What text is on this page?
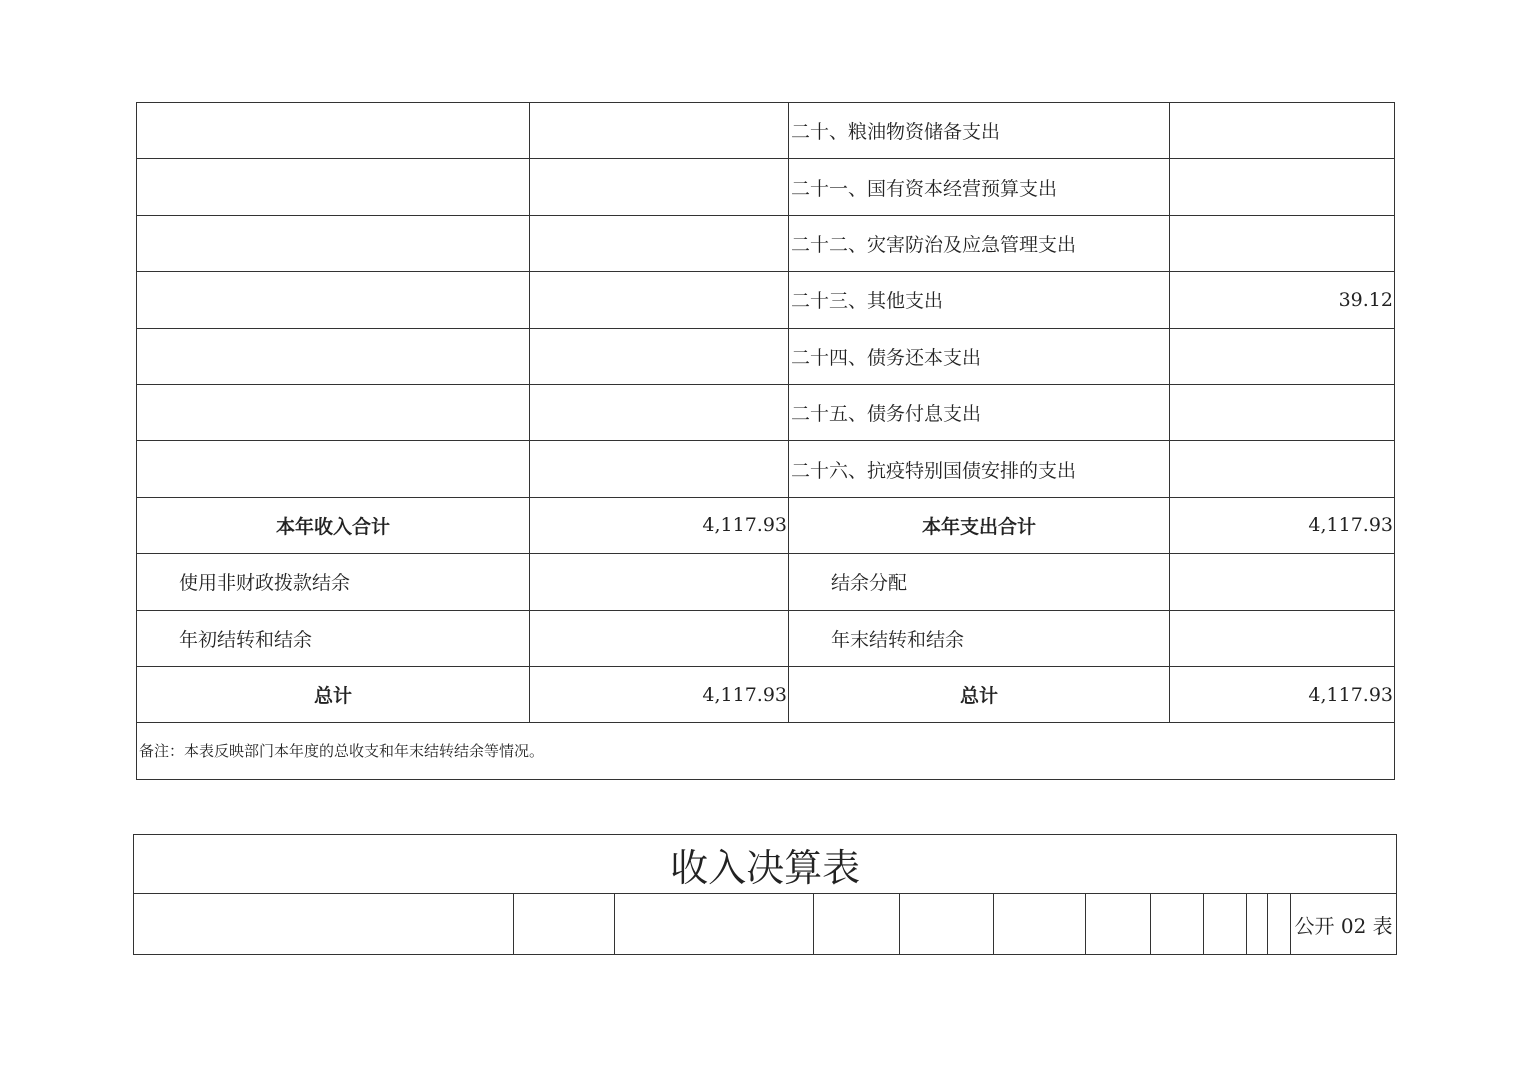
		二十、粮油物资储备支出	
		二十一、国有资本经营预算支出	
		二十二、灾害防治及应急管理支出	
		二十三、其他支出	39.12
		二十四、债务还本支出	
		二十五、债务付息支出	
		二十六、抗疫特别国债安排的支出	
本年收入合计	4,117.93	本年支出合计	4,117.93
使用非财政拨款结余		结余分配	
年初结转和结余		年末结转和结余	
总计	4,117.93	总计	4,117.93
备注：本表反映部门本年度的总收支和年末结转结余等情况。			
收入决算表
											公开 02 表
